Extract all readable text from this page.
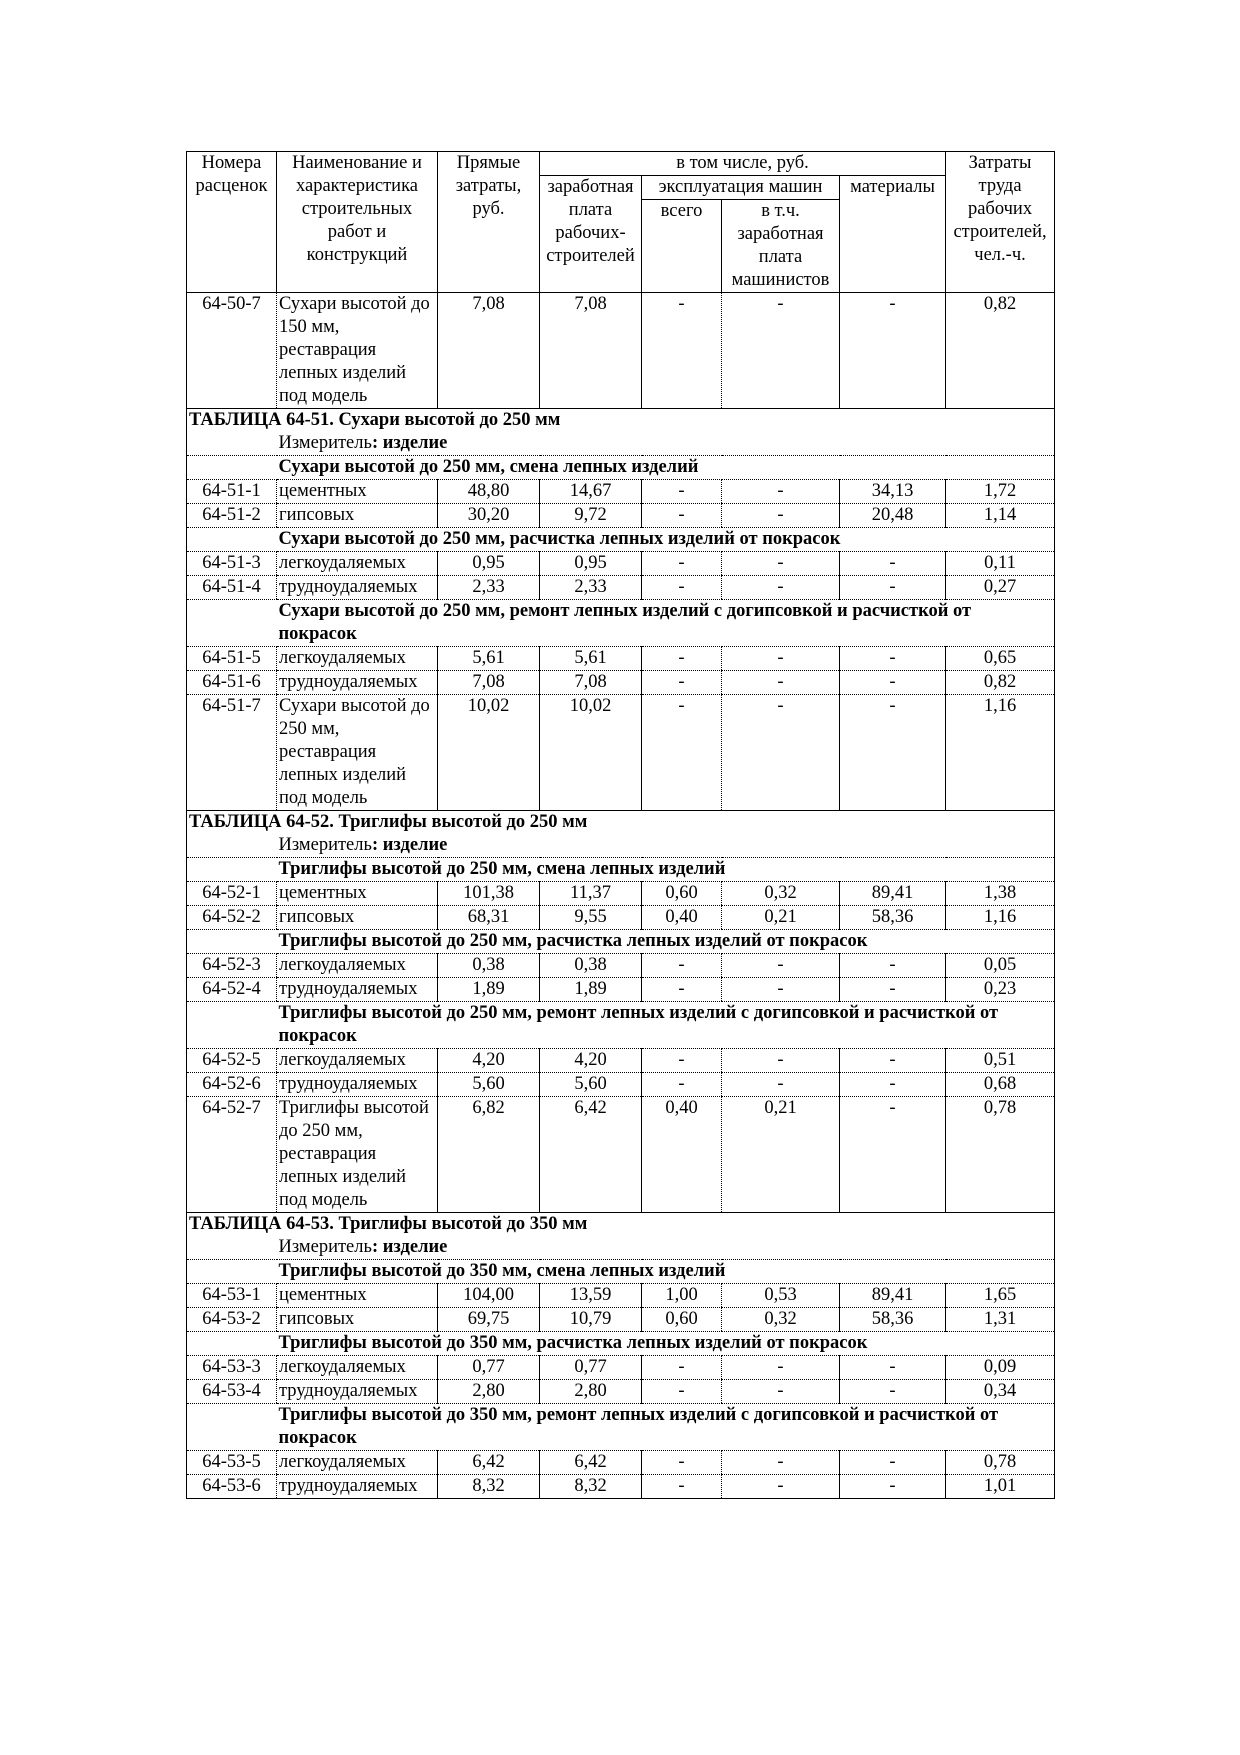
Номера расценок	Наименование и характеристика строительных работ и конструкций	Прямые затраты, руб.	в том числе, руб.				Затраты труда рабочих строителей, чел.-ч.
			заработная плата рабочих-строителей	эксплуатация машин		материалы	
				всего	в т.ч. заработная плата машинистов		
64-50-7	Сухари высотой до 150 мм, реставрация лепных изделий под модель	7,08	7,08	-	-	-	0,82
ТАБЛИЦА 64-51. Сухари высотой до 250 мм							
	Измеритель: изделие						
	Сухари высотой до 250 мм, смена лепных изделий						
64-51-1	цементных	48,80	14,67	-	-	34,13	1,72
64-51-2	гипсовых	30,20	9,72	-	-	20,48	1,14
	Сухари высотой до 250 мм, расчистка лепных изделий от покрасок						
64-51-3	легкоудаляемых	0,95	0,95	-	-	-	0,11
64-51-4	трудноудаляемых	2,33	2,33	-	-	-	0,27
	Сухари высотой до 250 мм, ремонт лепных изделий с догипсовкой и расчисткой от покрасок						
64-51-5	легкоудаляемых	5,61	5,61	-	-	-	0,65
64-51-6	трудноудаляемых	7,08	7,08	-	-	-	0,82
64-51-7	Сухари высотой до 250 мм, реставрация лепных изделий под модель	10,02	10,02	-	-	-	1,16
ТАБЛИЦА 64-52. Триглифы высотой до 250 мм							
	Измеритель: изделие						
	Триглифы высотой до 250 мм, смена лепных изделий						
64-52-1	цементных	101,38	11,37	0,60	0,32	89,41	1,38
64-52-2	гипсовых	68,31	9,55	0,40	0,21	58,36	1,16
	Триглифы высотой до 250 мм, расчистка лепных изделий от покрасок						
64-52-3	легкоудаляемых	0,38	0,38	-	-	-	0,05
64-52-4	трудноудаляемых	1,89	1,89	-	-	-	0,23
	Триглифы высотой до 250 мм, ремонт лепных изделий с догипсовкой и расчисткой от покрасок						
64-52-5	легкоудаляемых	4,20	4,20	-	-	-	0,51
64-52-6	трудноудаляемых	5,60	5,60	-	-	-	0,68
64-52-7	Триглифы высотой до 250 мм, реставрация лепных изделий под модель	6,82	6,42	0,40	0,21	-	0,78
ТАБЛИЦА 64-53. Триглифы высотой до 350 мм							
	Измеритель: изделие						
	Триглифы высотой до 350 мм, смена лепных изделий						
64-53-1	цементных	104,00	13,59	1,00	0,53	89,41	1,65
64-53-2	гипсовых	69,75	10,79	0,60	0,32	58,36	1,31
	Триглифы высотой до 350 мм, расчистка лепных изделий от покрасок						
64-53-3	легкоудаляемых	0,77	0,77	-	-	-	0,09
64-53-4	трудноудаляемых	2,80	2,80	-	-	-	0,34
	Триглифы высотой до 350 мм, ремонт лепных изделий с догипсовкой и расчисткой от покрасок						
64-53-5	легкоудаляемых	6,42	6,42	-	-	-	0,78
64-53-6	трудноудаляемых	8,32	8,32	-	-	-	1,01
